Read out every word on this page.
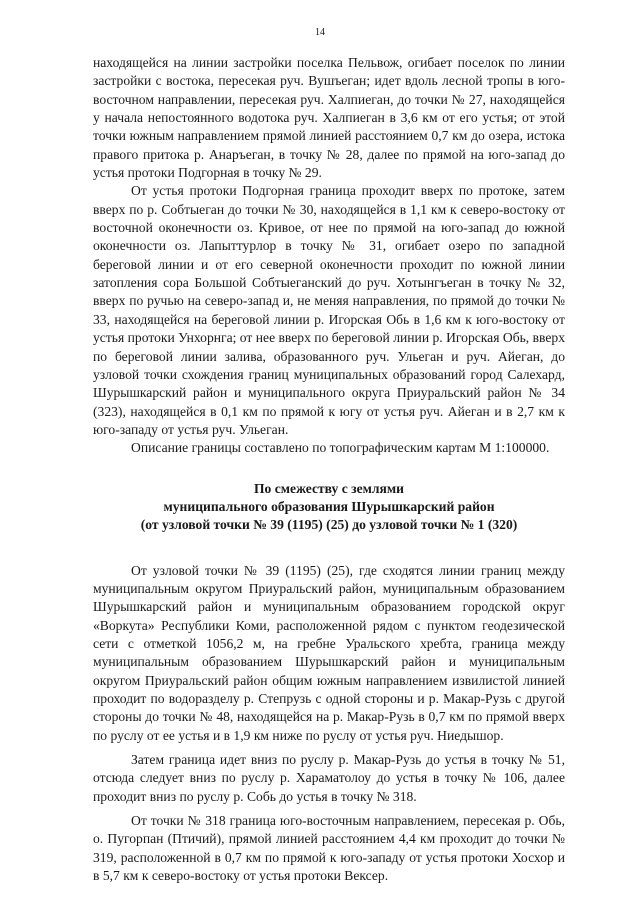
14

находящейся на линии застройки поселка Пельвож, огибает поселок по линии застройки с востока, пересекая руч. Вушъеган; идет вдоль лесной тропы в юго-восточном направлении, пересекая руч. Халпиеган, до точки № 27, находящейся у начала непостоянного водотока руч. Халпиеган в 3,6 км от его устья; от этой точки южным направлением прямой линией расстоянием 0,7 км до озера, истока правого притока р. Анаръеган, в точку № 28, далее по прямой на юго-запад до устья протоки Подгорная в точку № 29.

От устья протоки Подгорная граница проходит вверх по протоке, затем вверх по р. Собтыеган до точки № 30, находящейся в 1,1 км к северо-востоку от восточной оконечности оз. Кривое, от нее по прямой на юго-запад до южной оконечности оз. Лапыттурлор в точку № 31, огибает озеро по западной береговой линии и от его северной оконечности проходит по южной линии затопления сора Большой Собтыеганский до руч. Хотынгъеган в точку № 32, вверх по ручью на северо-запад и, не меняя направления, по прямой до точки № 33, находящейся на береговой линии р. Игорская Обь в 1,6 км к юго-востоку от устья протоки Унхорнга; от нее вверх по береговой линии р. Игорская Обь, вверх по береговой линии залива, образованного руч. Ульеган и руч. Айеган, до узловой точки схождения границ муниципальных образований город Салехард, Шурышкарский район и муниципального округа Приуральский район № 34 (323), находящейся в 0,1 км по прямой к югу от устья руч. Айеган и в 2,7 км к юго-западу от устья руч. Ульеган.

Описание границы составлено по топографическим картам М 1:100000.

По смежеству с землями
муниципального образования Шурышкарский район
(от узловой точки № 39 (1195) (25) до узловой точки № 1 (320)

От узловой точки № 39 (1195) (25), где сходятся линии границ между муниципальным округом Приуральский район, муниципальным образованием Шурышкарский район и муниципальным образованием городской округ «Воркута» Республики Коми, расположенной рядом с пунктом геодезической сети с отметкой 1056,2 м, на гребне Уральского хребта, граница между муниципальным образованием Шурышкарский район и муниципальным округом Приуральский район общим южным направлением извилистой линией проходит по водоразделу р. Степрузь с одной стороны и р. Макар-Рузь с другой стороны до точки № 48, находящейся на р. Макар-Рузь в 0,7 км по прямой вверх по руслу от ее устья и в 1,9 км ниже по руслу от устья руч. Ниедышор.

Затем граница идет вниз по руслу р. Макар-Рузь до устья в точку № 51, отсюда следует вниз по руслу р. Хараматолоу до устья в точку № 106, далее проходит вниз по руслу р. Собь до устья в точку № 318.

От точки № 318 граница юго-восточным направлением, пересекая р. Обь, о. Пугорпан (Птичий), прямой линией расстоянием 4,4 км проходит до точки № 319, расположенной в 0,7 км по прямой к юго-западу от устья протоки Хосхор и в 5,7 км к северо-востоку от устья протоки Вексер.
